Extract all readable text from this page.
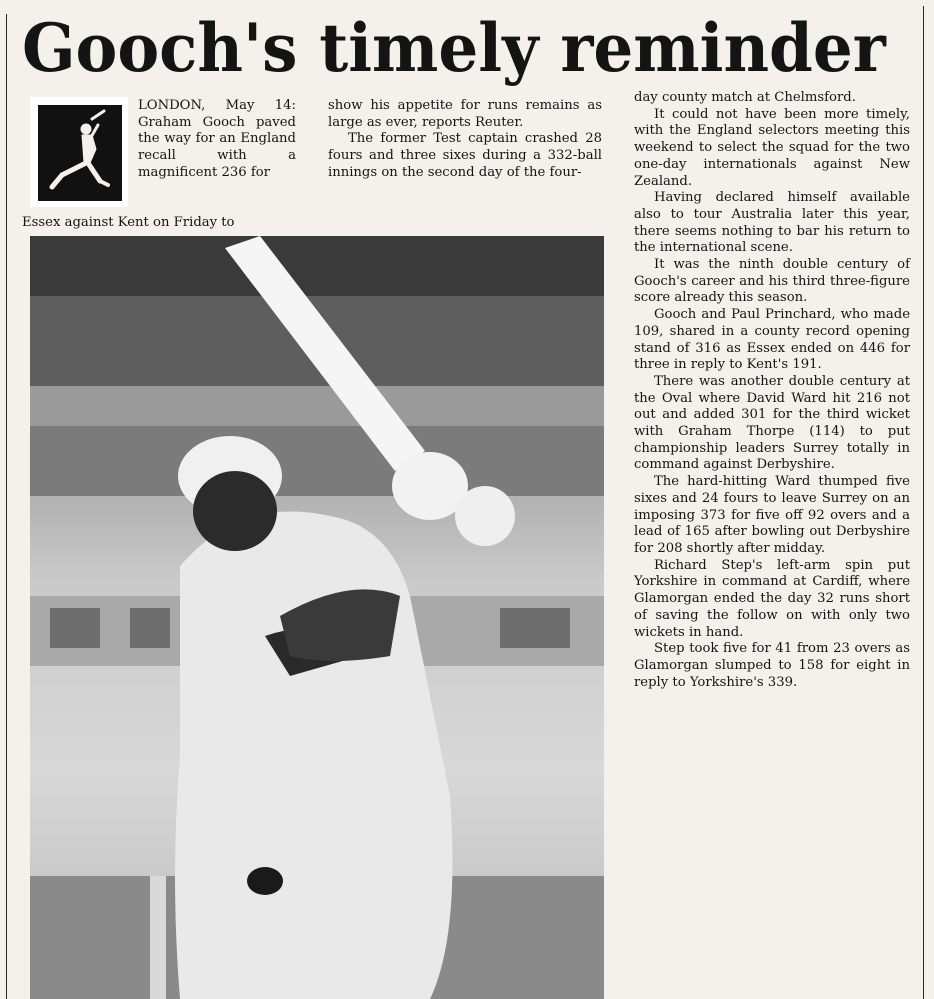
Gooch's timely reminder
LONDON, May 14: Graham Gooch paved the way for an England recall with a magnificent 236 for
Essex against Kent on Friday to

show his appetite for runs remains as large as ever, reports Reuter.

The former Test captain crashed 28 fours and three sixes during a 332-ball innings on the second day of the four-

day county match at Chelmsford.

It could not have been more timely, with the England selectors meeting this weekend to select the squad for the two one-day internationals against New Zealand.

Having declared himself available also to tour Australia later this year, there seems nothing to bar his return to the international scene.

It was the ninth double century of Gooch's career and his third three-figure score already this season.

Gooch and Paul Princhard, who made 109, shared in a county record opening stand of 316 as Essex ended on 446 for three in reply to Kent's 191.

There was another double century at the Oval where David Ward hit 216 not out and added 301 for the third wicket with Graham Thorpe (114) to put championship leaders Surrey totally in command against Derbyshire.

The hard-hitting Ward thumped five sixes and 24 fours to leave Surrey on an imposing 373 for five off 92 overs and a lead of 165 after bowling out Derbyshire for 208 shortly after midday.

Richard Step's left-arm spin put Yorkshire in command at Cardiff, where Glamorgan ended the day 32 runs short of saving the follow on with only two wickets in hand.

Step took five for 41 from 23 overs as Glamorgan slumped to 158 for eight in reply to Yorkshire's 339.
